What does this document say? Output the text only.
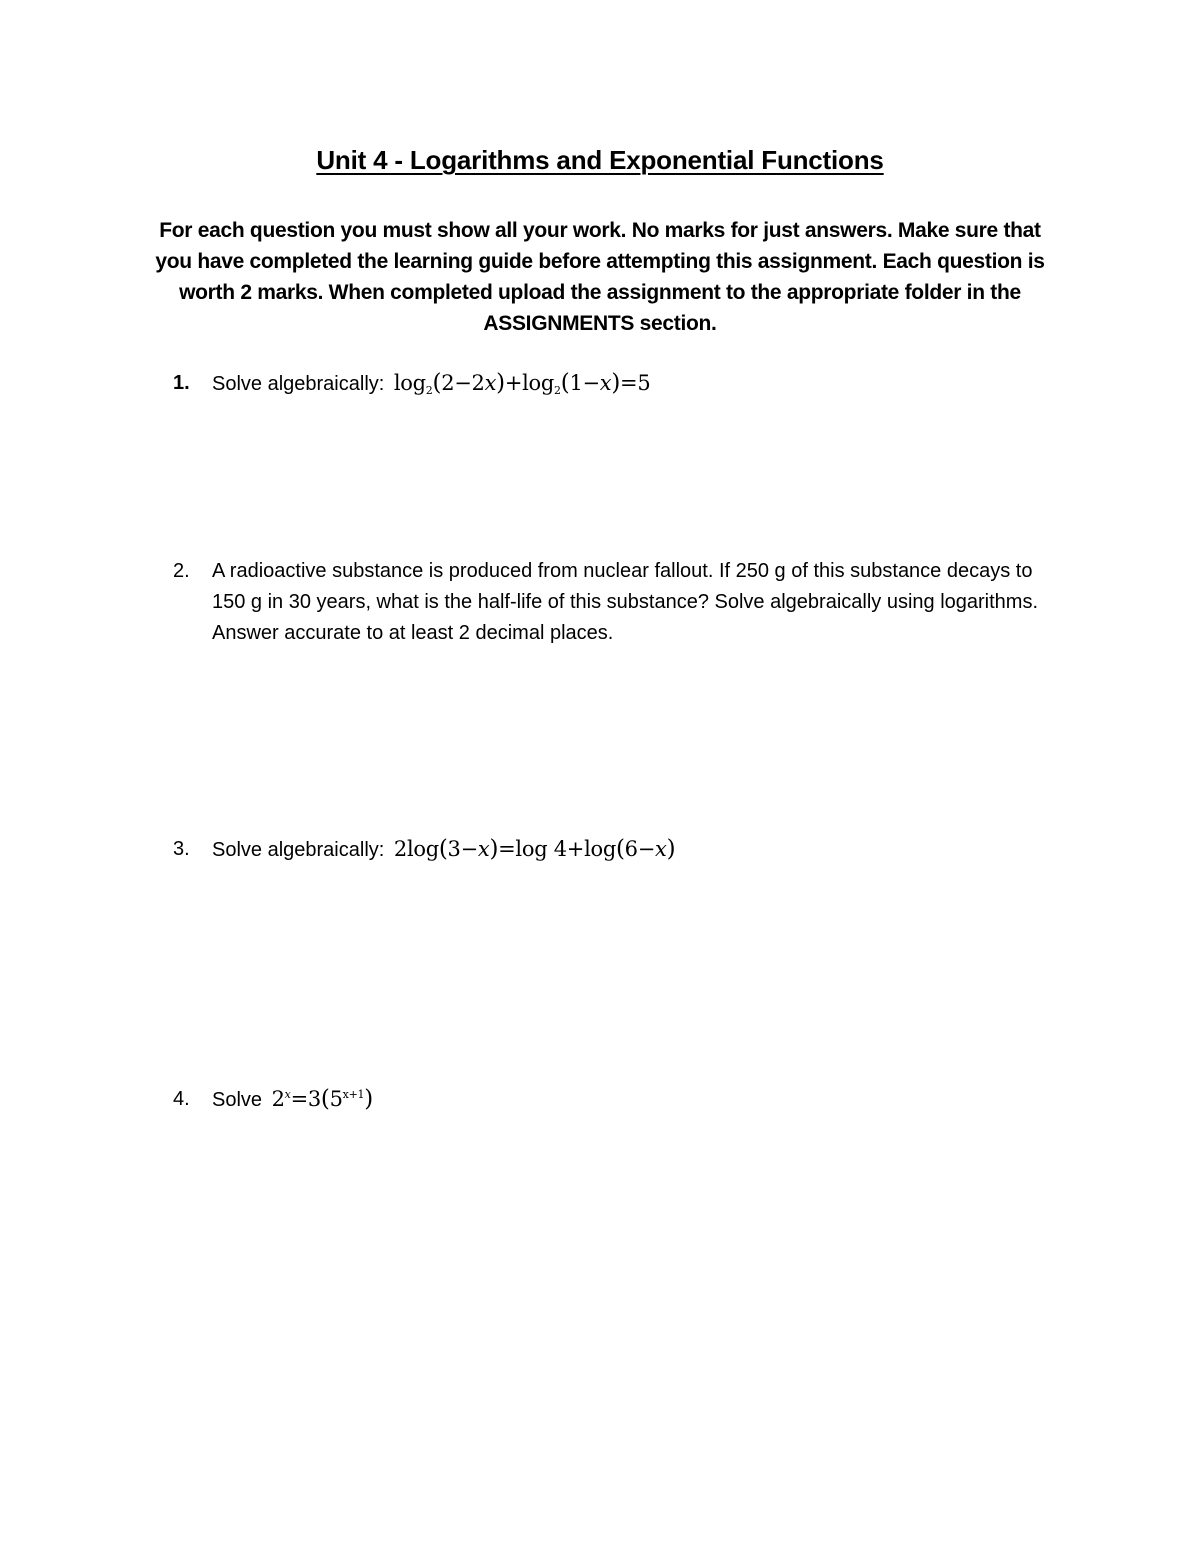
Unit 4 - Logarithms and Exponential Functions
For each question you must show all your work. No marks for just answers. Make sure that you have completed the learning guide before attempting this assignment. Each question is worth 2 marks. When completed upload the assignment to the appropriate folder in the ASSIGNMENTS section.
1. Solve algebraically: $\log_2(2-2x)+\log_2(1-x)=5$
2. A radioactive substance is produced from nuclear fallout. If 250 g of this substance decays to 150 g in 30 years, what is the half-life of this substance? Solve algebraically using logarithms. Answer accurate to at least 2 decimal places.
3. Solve algebraically: 2log(3−x)=log 4+log(6−x)
4. Solve $2^x=3(5^{x+1})$
